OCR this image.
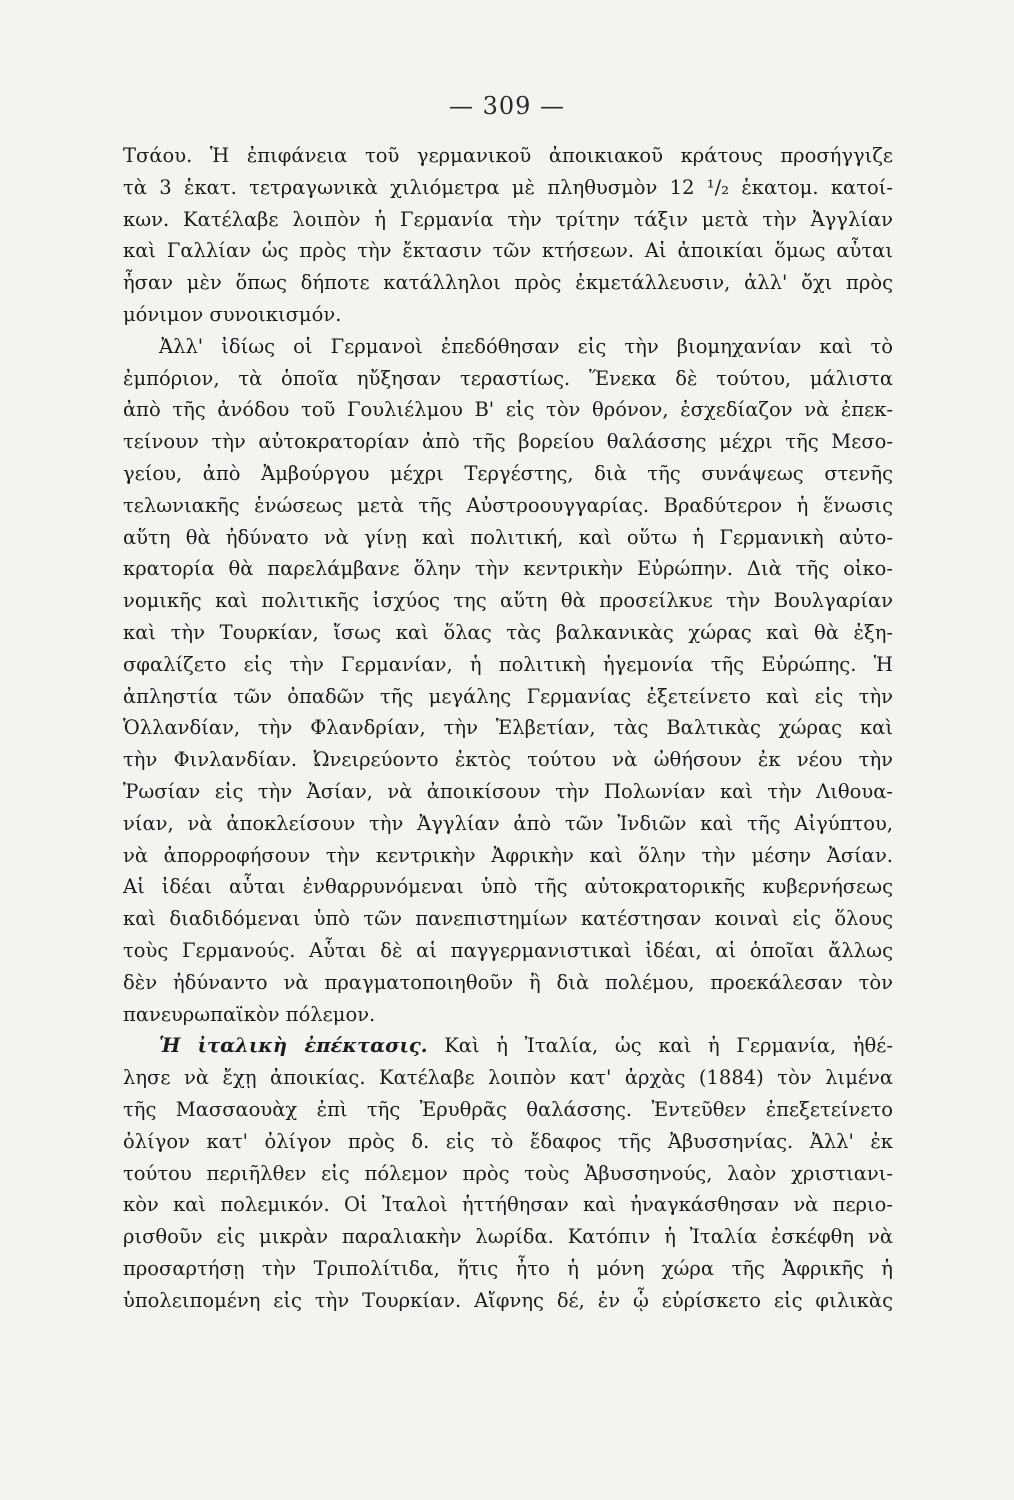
— 309 —
Τσάου. Ἡ ἐπιφάνεια τοῦ γερμανικοῦ ἀποικιακοῦ κράτους προσήγγιζε
τὰ 3 ἑκατ. τετραγωνικὰ χιλιόμετρα μὲ πληθυσμὸν 12 ¹/₂ ἑκατομ. κατοί-
κων. Κατέλαβε λοιπὸν ἡ Γερμανία τὴν τρίτην τάξιν μετὰ τὴν Ἀγγλίαν
καὶ Γαλλίαν ὡς πρὸς τὴν ἔκτασιν τῶν κτήσεων. Αἱ ἀποικίαι ὅμως αὗται
ἦσαν μὲν ὅπως δήποτε κατάλληλοι πρὸς ἐκμετάλλευσιν, ἀλλ' ὄχι πρὸς
μόνιμον συνοικισμόν.
Ἀλλ' ἰδίως οἱ Γερμανοὶ ἐπεδόθησαν εἰς τὴν βιομηχανίαν καὶ τὸ
ἐμπόριον, τὰ ὁποῖα ηὔξησαν τεραστίως. Ἕνεκα δὲ τούτου, μάλιστα
ἀπὸ τῆς ἀνόδου τοῦ Γουλιέλμου Β' εἰς τὸν θρόνον, ἐσχεδίαζον νὰ ἐπεκ-
τείνουν τὴν αὐτοκρατορίαν ἀπὸ τῆς βορείου θαλάσσης μέχρι τῆς Μεσο-
γείου, ἀπὸ Ἀμβούργου μέχρι Τεργέστης, διὰ τῆς συνάψεως στενῆς
τελωνιακῆς ἑνώσεως μετὰ τῆς Αὐστροουγγαρίας. Βραδύτερον ἡ ἕνωσις
αὕτη θὰ ἠδύνατο νὰ γίνῃ καὶ πολιτική, καὶ οὕτω ἡ Γερμανικὴ αὐτο-
κρατορία θὰ παρελάμβανε ὅλην τὴν κεντρικὴν Εὐρώπην. Διὰ τῆς οἰκο-
νομικῆς καὶ πολιτικῆς ἰσχύος της αὕτη θὰ προσείλκυε τὴν Βουλγαρίαν
καὶ τὴν Τουρκίαν, ἴσως καὶ ὅλας τὰς βαλκανικὰς χώρας καὶ θὰ ἐξη-
σφαλίζετο εἰς τὴν Γερμανίαν, ἡ πολιτικὴ ἡγεμονία τῆς Εὐρώπης. Ἡ
ἀπληστία τῶν ὀπαδῶν τῆς μεγάλης Γερμανίας ἐξετείνετο καὶ εἰς τὴν
Ὁλλανδίαν, τὴν Φλανδρίαν, τὴν Ἑλβετίαν, τὰς Βαλτικὰς χώρας καὶ
τὴν Φινλανδίαν. Ὠνειρεύοντο ἐκτὸς τούτου νὰ ὠθήσουν ἐκ νέου τὴν
Ῥωσίαν εἰς τὴν Ἀσίαν, νὰ ἀποικίσουν τὴν Πολωνίαν καὶ τὴν Λιθουα-
νίαν, νὰ ἀποκλείσουν τὴν Ἀγγλίαν ἀπὸ τῶν Ἰνδιῶν καὶ τῆς Αἰγύπτου,
νὰ ἀπορροφήσουν τὴν κεντρικὴν Ἀφρικὴν καὶ ὅλην τὴν μέσην Ἀσίαν.
Αἱ ἰδέαι αὗται ἐνθαρρυνόμεναι ὑπὸ τῆς αὐτοκρατορικῆς κυβερνήσεως
καὶ διαδιδόμεναι ὑπὸ τῶν πανεπιστημίων κατέστησαν κοιναὶ εἰς ὅλους
τοὺς Γερμανούς. Αὗται δὲ αἱ παγγερμανιστικαὶ ἰδέαι, αἱ ὁποῖαι ἄλλως
δὲν ἠδύναντο νὰ πραγματοποιηθοῦν ἢ διὰ πολέμου, προεκάλεσαν τὸν
πανευρωπαϊκὸν πόλεμον.
Ἡ ἰταλικὴ ἐπέκτασις. Καὶ ἡ Ἰταλία, ὡς καὶ ἡ Γερμανία, ἠθέ-
λησε νὰ ἔχῃ ἀποικίας. Κατέλαβε λοιπὸν κατ' ἀρχὰς (1884) τὸν λιμένα
τῆς Μασσαουὰχ ἐπὶ τῆς Ἐρυθρᾶς θαλάσσης. Ἐντεῦθεν ἐπεξετείνετο
ὀλίγον κατ' ὀλίγον πρὸς δ. εἰς τὸ ἔδαφος τῆς Ἀβυσσηνίας. Ἀλλ' ἐκ
τούτου περιῆλθεν εἰς πόλεμον πρὸς τοὺς Ἀβυσσηνούς, λαὸν χριστιανι-
κὸν καὶ πολεμικόν. Οἱ Ἰταλοὶ ἡττήθησαν καὶ ἠναγκάσθησαν νὰ περιο-
ρισθοῦν εἰς μικρὰν παραλιακὴν λωρίδα. Κατόπιν ἡ Ἰταλία ἐσκέφθη νὰ
προσαρτήσῃ τὴν Τριπολίτιδα, ἥτις ἦτο ἡ μόνη χώρα τῆς Ἀφρικῆς ἡ
ὑπολειπομένη εἰς τὴν Τουρκίαν. Αἴφνης δέ, ἐν ᾧ εὑρίσκετο εἰς φιλικὰς
